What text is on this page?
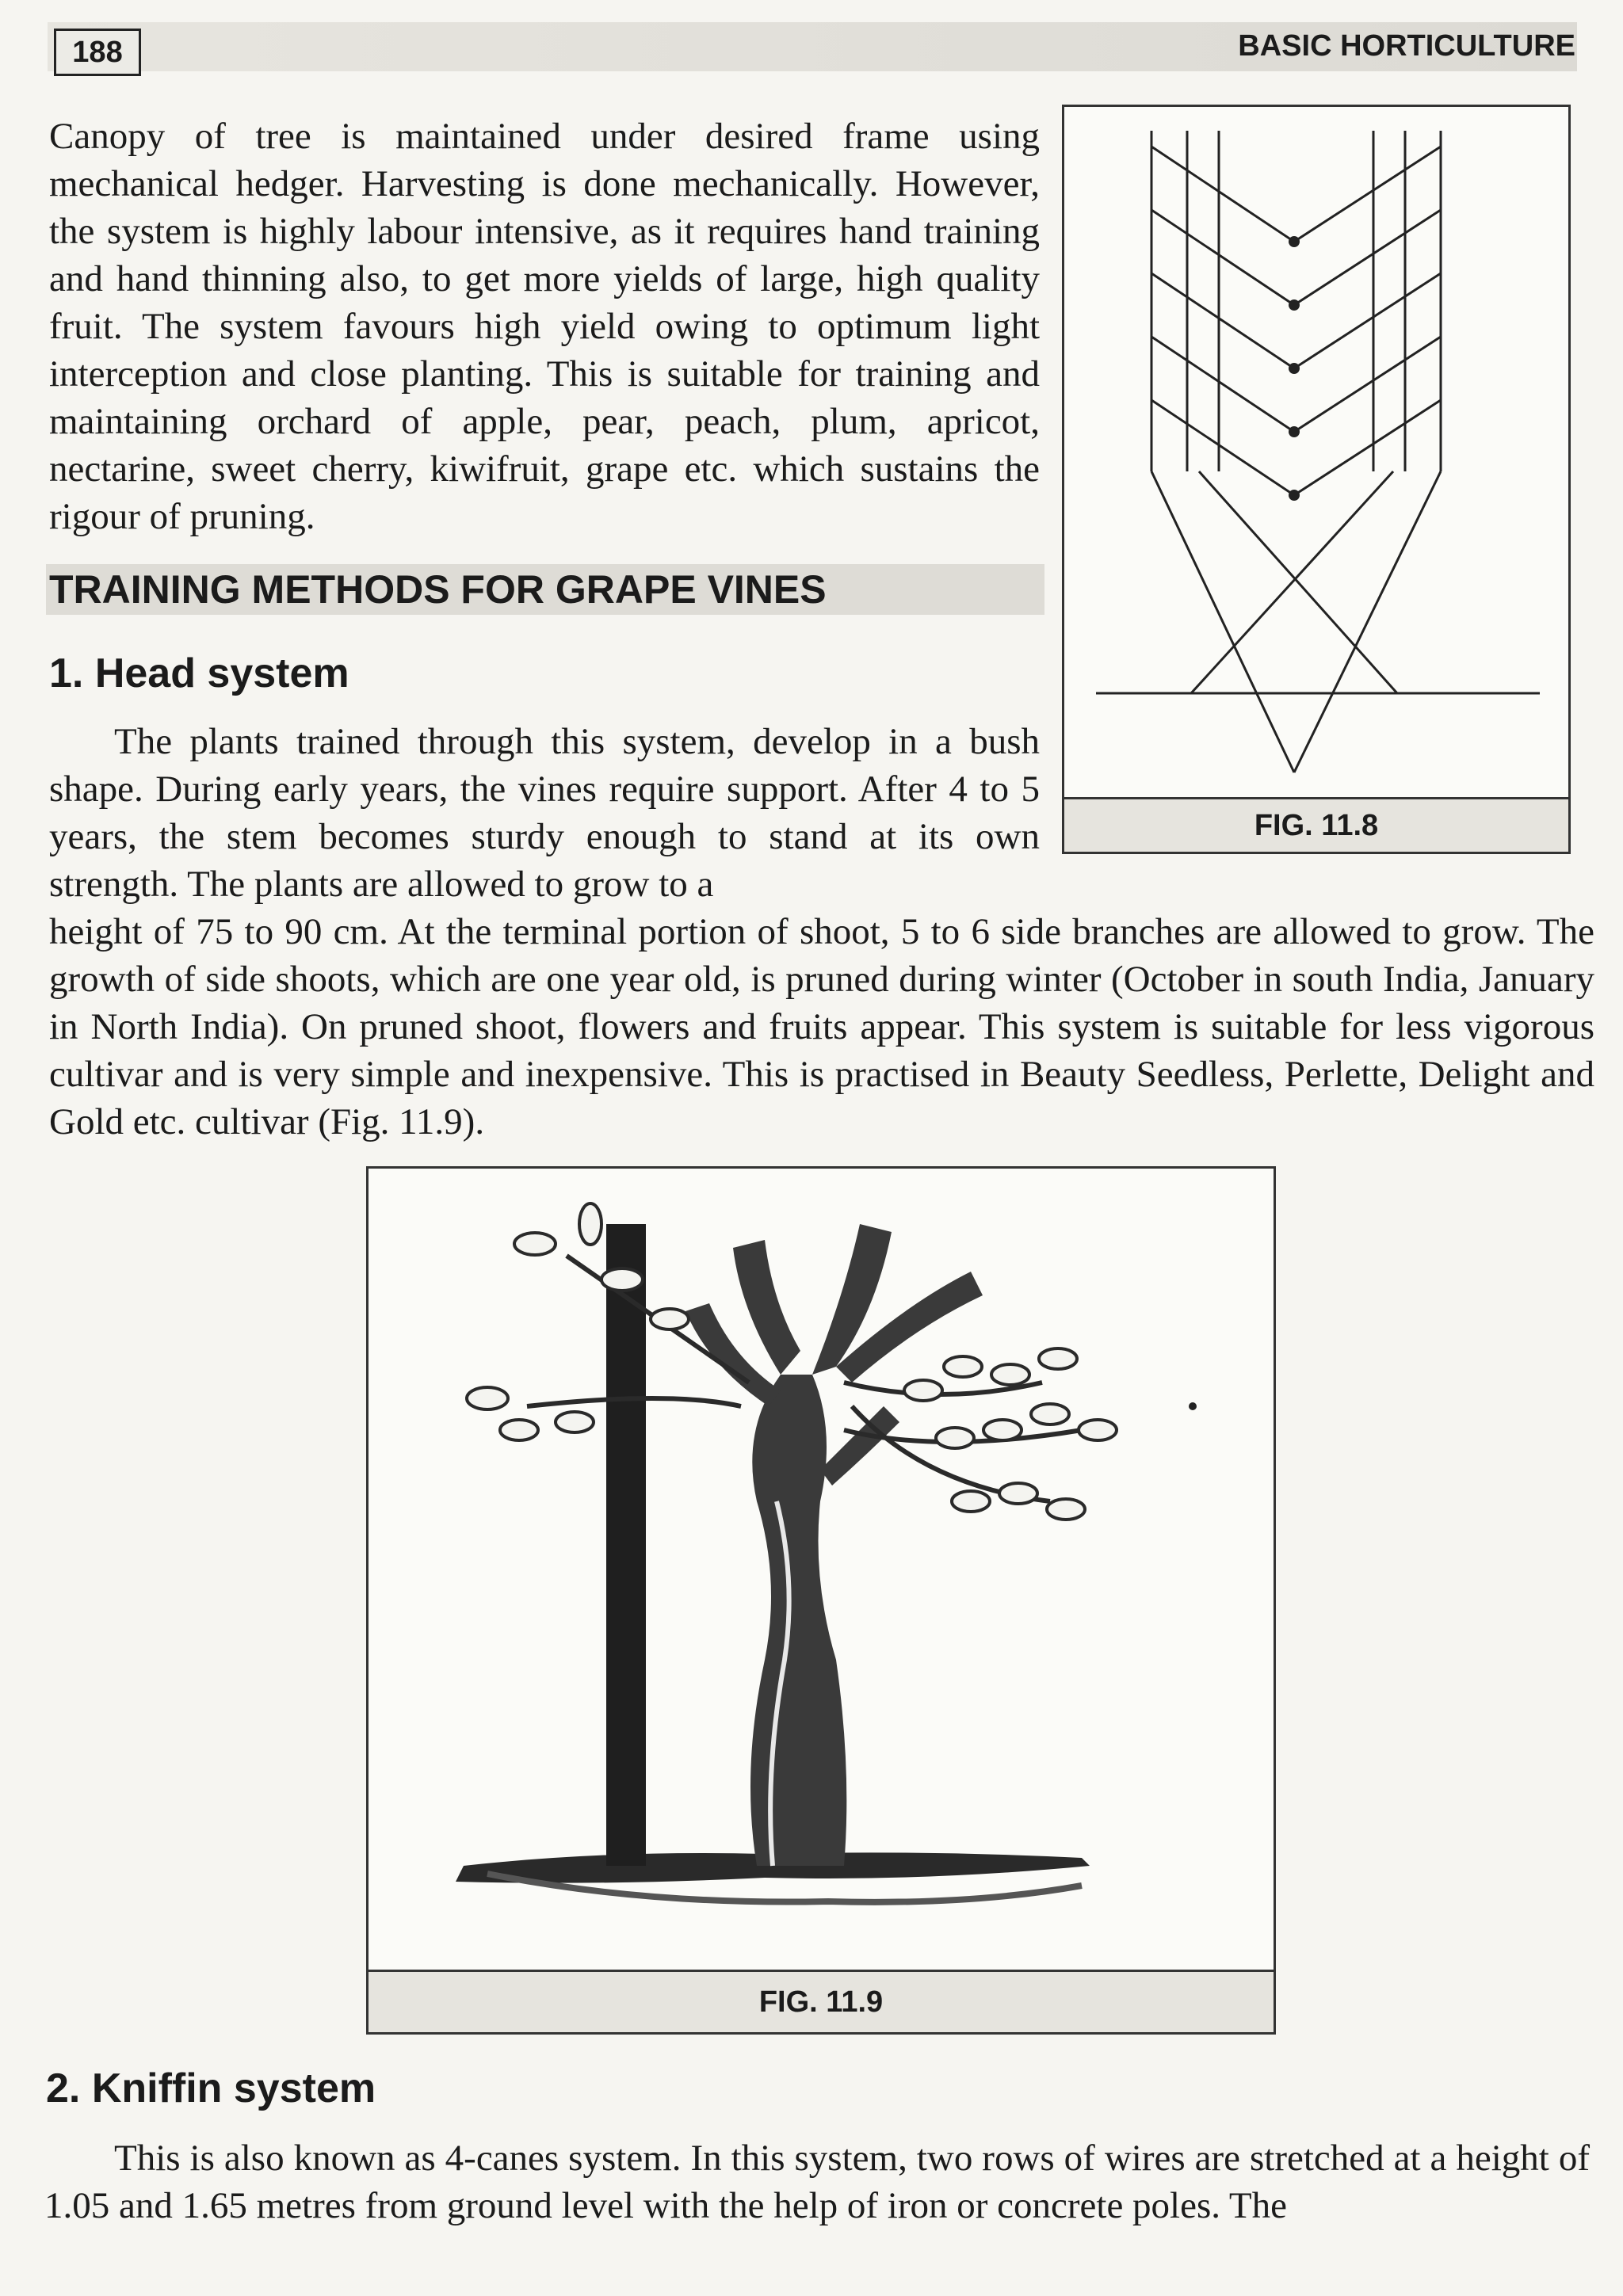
188	BASIC HORTICULTURE

Canopy of tree is maintained under desired frame using mechanical hedger. Harvesting is done mechanically. However, the system is highly labour intensive, as it requires hand training and hand thinning also, to get more yields of large, high quality fruit. The system favours high yield owing to optimum light interception and close planting. This is suitable for training and maintaining orchard of apple, pear, peach, plum, apricot, nectarine, sweet cherry, kiwifruit, grape etc. which sustains the rigour of pruning.

TRAINING METHODS FOR GRAPE VINES
1. Head system

The plants trained through this system, develop in a bush shape. During early years, the vines require support. After 4 to 5 years, the stem becomes sturdy enough to stand at its own strength. The plants are allowed to grow to a

height of 75 to 90 cm. At the terminal portion of shoot, 5 to 6 side branches are allowed to grow. The growth of side shoots, which are one year old, is pruned during winter (October in south India, January in North India). On pruned shoot, flowers and fruits appear. This system is suitable for less vigorous cultivar and is very simple and inexpensive. This is practised in Beauty Seedless, Perlette, Delight and Gold etc. cultivar (Fig. 11.9).

FIG. 11.8
FIG. 11.9
2. Kniffin system

This is also known as 4-canes system. In this system, two rows of wires are stretched at a height of 1.05 and 1.65 metres from ground level with the help of iron or concrete poles. The
